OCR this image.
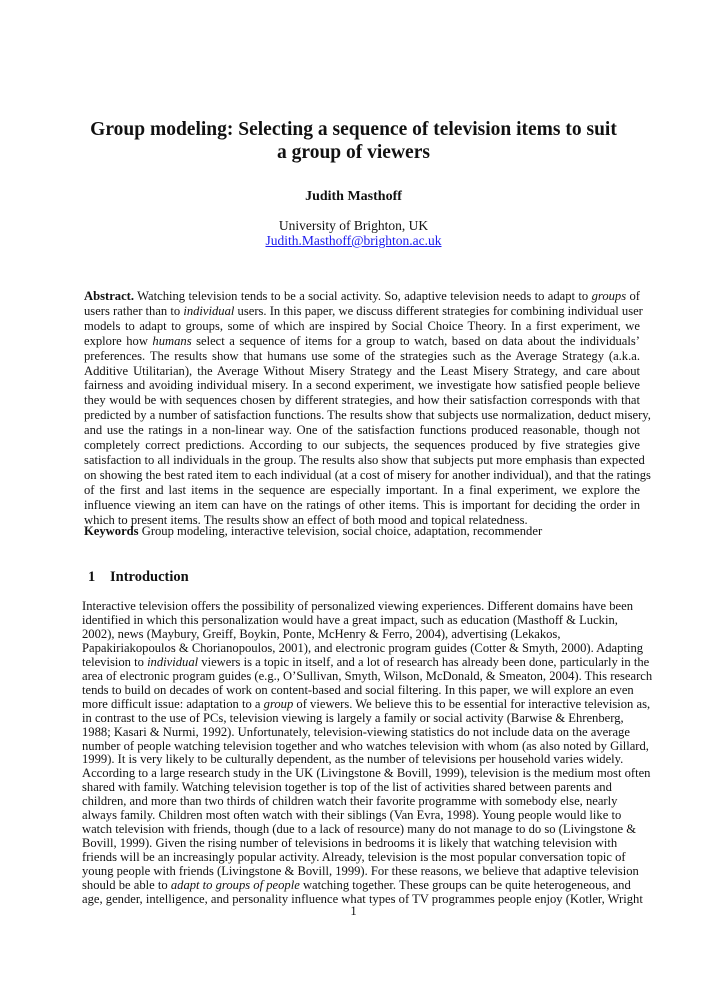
Group modeling: Selecting a sequence of television items to suit
a group of viewers
Judith Masthoff
University of Brighton, UK
Judith.Masthoff@brighton.ac.uk
Abstract. Watching television tends to be a social activity. So, adaptive television needs to adapt to groups of
users rather than to individual users. In this paper, we discuss different strategies for combining individual user
models to adapt to groups, some of which are inspired by Social Choice Theory. In a first experiment, we
explore how humans select a sequence of items for a group to watch, based on data about the individuals’
preferences. The results show that humans use some of the strategies such as the Average Strategy (a.k.a.
Additive Utilitarian), the Average Without Misery Strategy and the Least Misery Strategy, and care about
fairness and avoiding individual misery. In a second experiment, we investigate how satisfied people believe
they would be with sequences chosen by different strategies, and how their satisfaction corresponds with that
predicted by a number of satisfaction functions. The results show that subjects use normalization, deduct misery,
and use the ratings in a non-linear way. One of the satisfaction functions produced reasonable, though not
completely correct predictions. According to our subjects, the sequences produced by five strategies give
satisfaction to all individuals in the group. The results also show that subjects put more emphasis than expected
on showing the best rated item to each individual (at a cost of misery for another individual), and that the ratings
of the first and last items in the sequence are especially important. In a final experiment, we explore the
influence viewing an item can have on the ratings of other items. This is important for deciding the order in
which to present items. The results show an effect of both mood and topical relatedness.
Keywords Group modeling, interactive television, social choice, adaptation, recommender
1 Introduction
Interactive television offers the possibility of personalized viewing experiences. Different domains have been
identified in which this personalization would have a great impact, such as education (Masthoff & Luckin,
2002), news (Maybury, Greiff, Boykin, Ponte, McHenry & Ferro, 2004), advertising (Lekakos,
Papakiriakopoulos & Chorianopoulos, 2001), and electronic program guides (Cotter & Smyth, 2000). Adapting
television to individual viewers is a topic in itself, and a lot of research has already been done, particularly in the
area of electronic program guides (e.g., O’Sullivan, Smyth, Wilson, McDonald, & Smeaton, 2004). This research
tends to build on decades of work on content-based and social filtering. In this paper, we will explore an even
more difficult issue: adaptation to a group of viewers. We believe this to be essential for interactive television as,
in contrast to the use of PCs, television viewing is largely a family or social activity (Barwise & Ehrenberg,
1988; Kasari & Nurmi, 1992). Unfortunately, television-viewing statistics do not include data on the average
number of people watching television together and who watches television with whom (as also noted by Gillard,
1999). It is very likely to be culturally dependent, as the number of televisions per household varies widely.
According to a large research study in the UK (Livingstone & Bovill, 1999), television is the medium most often
shared with family. Watching television together is top of the list of activities shared between parents and
children, and more than two thirds of children watch their favorite programme with somebody else, nearly
always family. Children most often watch with their siblings (Van Evra, 1998). Young people would like to
watch television with friends, though (due to a lack of resource) many do not manage to do so (Livingstone &
Bovill, 1999). Given the rising number of televisions in bedrooms it is likely that watching television with
friends will be an increasingly popular activity. Already, television is the most popular conversation topic of
young people with friends (Livingstone & Bovill, 1999). For these reasons, we believe that adaptive television
should be able to adapt to groups of people watching together. These groups can be quite heterogeneous, and
age, gender, intelligence, and personality influence what types of TV programmes people enjoy (Kotler, Wright
1
